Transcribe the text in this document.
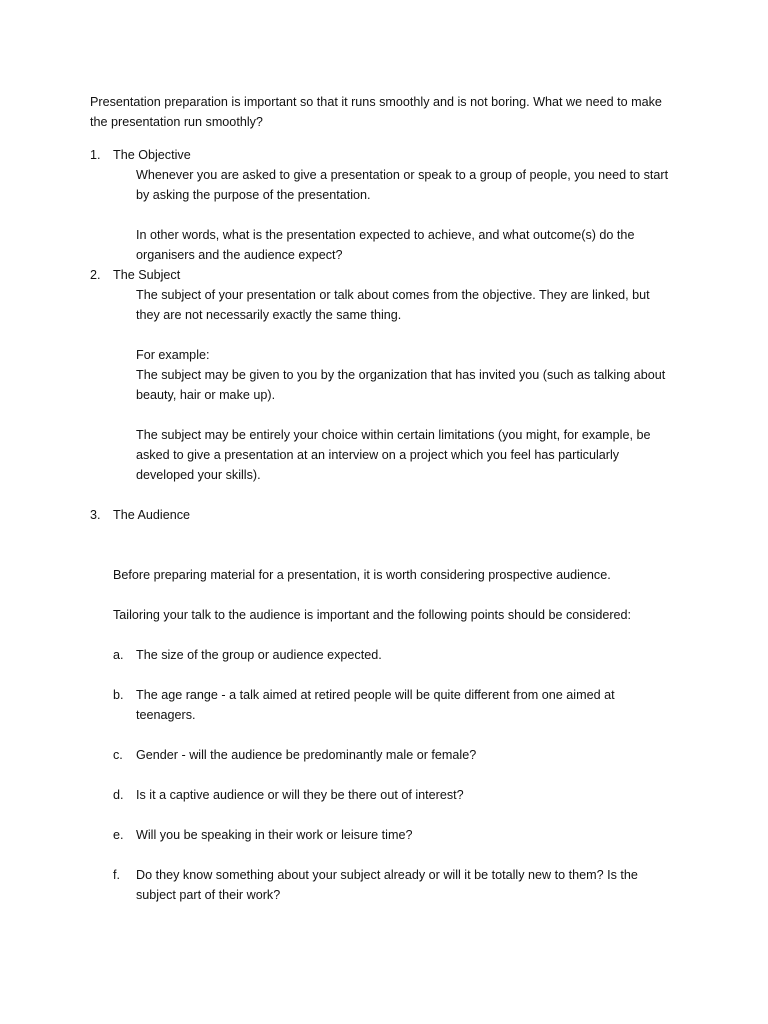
Presentation preparation is important so that it runs smoothly and is not boring. What we need to make
the presentation run smoothly?
1. The Objective
Whenever you are asked to give a presentation or speak to a group of people, you need to start
by asking the purpose of the presentation.
In other words, what is the presentation expected to achieve, and what outcome(s) do the
organisers and the audience expect?
2. The Subject
The subject of your presentation or talk about comes from the objective. They are linked, but
they are not necessarily exactly the same thing.
For example:
The subject may be given to you by the organization that has invited you (such as talking about
beauty, hair or make up).
The subject may be entirely your choice within certain limitations (you might, for example, be
asked to give a presentation at an interview on a project which you feel has particularly
developed your skills).
3. The Audience
Before preparing material for a presentation, it is worth considering prospective audience.
Tailoring your talk to the audience is important and the following points should be considered:
a. The size of the group or audience expected.
b. The age range - a talk aimed at retired people will be quite different from one aimed at
teenagers.
c. Gender - will the audience be predominantly male or female?
d. Is it a captive audience or will they be there out of interest?
e. Will you be speaking in their work or leisure time?
f. Do they know something about your subject already or will it be totally new to them? Is the
subject part of their work?
